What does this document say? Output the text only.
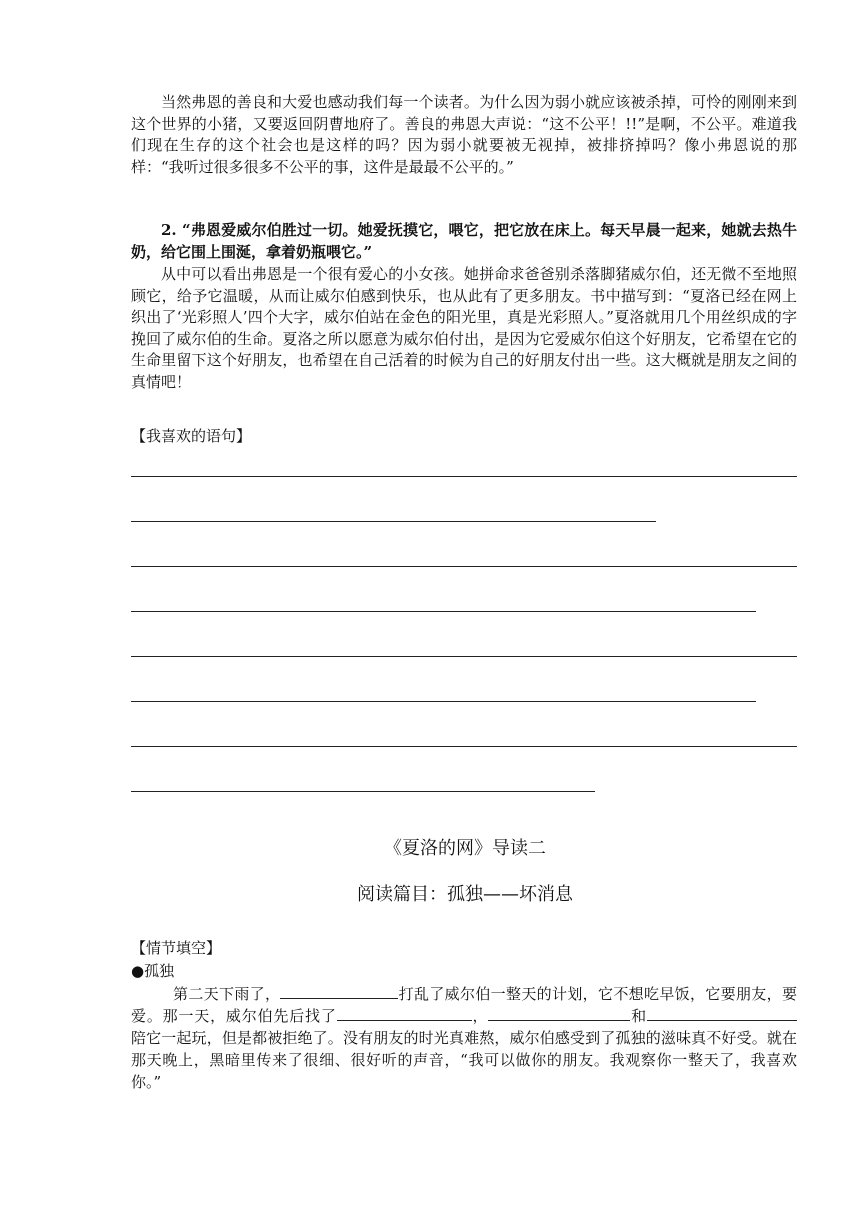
当然弗恩的善良和大爱也感动我们每一个读者。为什么因为弱小就应该被杀掉，可怜的刚刚来到这个世界的小猪，又要返回阴曹地府了。善良的弗恩大声说：“这不公平！!!”是啊，不公平。难道我们现在生存的这个社会也是这样的吗？因为弱小就要被无视掉，被排挤掉吗？像小弗恩说的那样：“我听过很多很多不公平的事，这件是最最不公平的。”

2. “弗恩爱威尔伯胜过一切。她爱抚摸它，喂它，把它放在床上。每天早晨一起来，她就去热牛奶，给它围上围涎，拿着奶瓶喂它。”

从中可以看出弗恩是一个很有爱心的小女孩。她拼命求爸爸别杀落脚猪威尔伯，还无微不至地照顾它，给予它温暖，从而让威尔伯感到快乐，也从此有了更多朋友。书中描写到：“夏洛已经在网上织出了‘光彩照人’四个大字，威尔伯站在金色的阳光里，真是光彩照人。”夏洛就用几个用丝织成的字挽回了威尔伯的生命。夏洛之所以愿意为威尔伯付出，是因为它爱威尔伯这个好朋友，它希望在它的生命里留下这个好朋友，也希望在自己活着的时候为自己的好朋友付出一些。这大概就是朋友之间的真情吧！

【我喜欢的语句】
《夏洛的网》导读二
阅读篇目：孤独——坏消息
【情节填空】
●孤独

第二天下雨了，	打乱了威尔伯一整天的计划，它不想吃早饭，它要朋友，要爱。那一天，威尔伯先后找了	，	和陪它一起玩，但是都被拒绝了。没有朋友的时光真难熬，威尔伯感受到了孤独的滋味真不好受。就在那天晚上，黑暗里传来了很细、很好听的声音，“我可以做你的朋友。我观察你一整天了，我喜欢你。”
